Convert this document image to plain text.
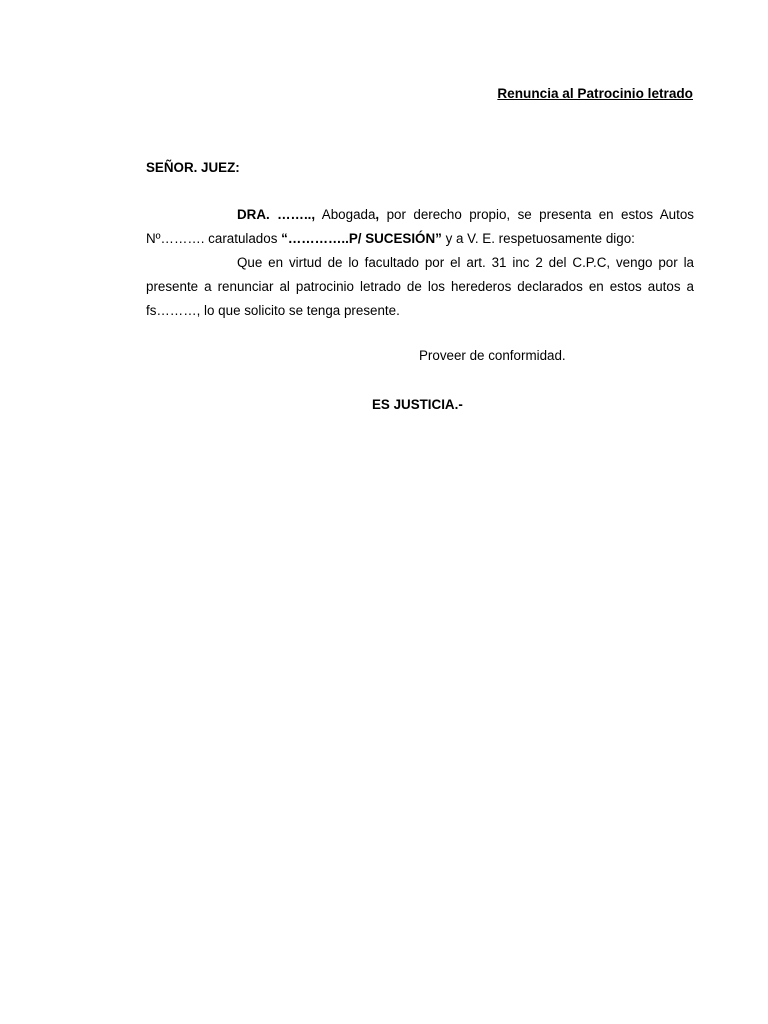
Renuncia al Patrocinio letrado
SEÑOR. JUEZ:

DRA. …….., Abogada, por derecho propio, se presenta en estos Autos Nº………. caratulados “…………..P/ SUCESIÓN” y a V. E. respetuosamente digo:

Que en virtud de lo facultado por el art. 31 inc 2 del C.P.C, vengo por la presente a renunciar al patrocinio letrado de los herederos declarados en estos autos a fs………, lo que solicito se tenga presente.

Proveer de conformidad.
ES JUSTICIA.-
